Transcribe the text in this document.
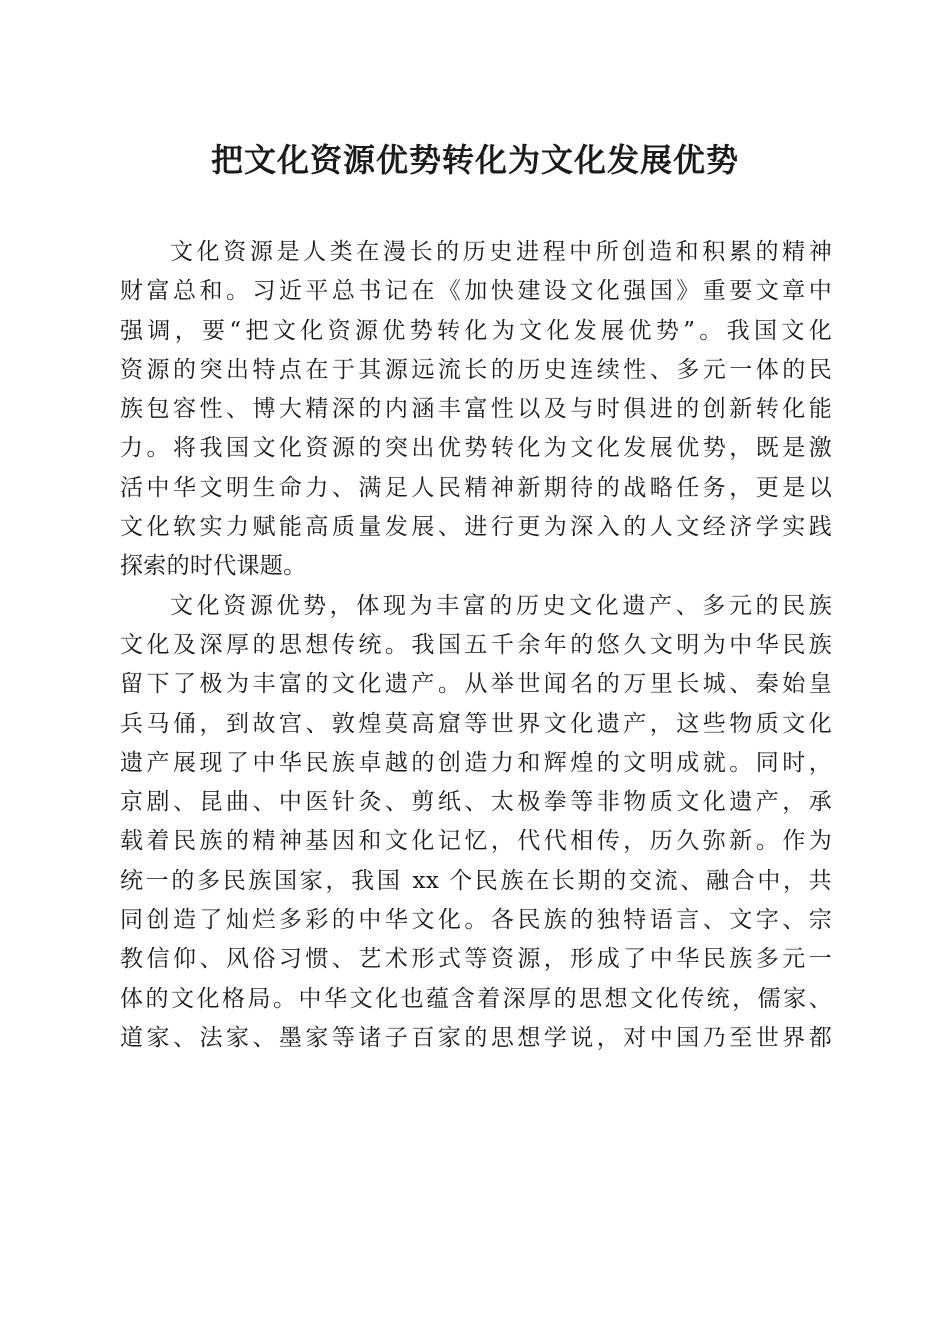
把文化资源优势转化为文化发展优势

文化资源是人类在漫长的历史进程中所创造和积累的精神
财富总和。习近平总书记在《加快建设文化强国》重要文章中
强调，要“把文化资源优势转化为文化发展优势”。我国文化
资源的突出特点在于其源远流长的历史连续性、多元一体的民
族包容性、博大精深的内涵丰富性以及与时俱进的创新转化能
力。将我国文化资源的突出优势转化为文化发展优势，既是激
活中华文明生命力、满足人民精神新期待的战略任务，更是以
文化软实力赋能高质量发展、进行更为深入的人文经济学实践
探索的时代课题。

文化资源优势，体现为丰富的历史文化遗产、多元的民族
文化及深厚的思想传统。我国五千余年的悠久文明为中华民族
留下了极为丰富的文化遗产。从举世闻名的万里长城、秦始皇
兵马俑，到故宫、敦煌莫高窟等世界文化遗产，这些物质文化
遗产展现了中华民族卓越的创造力和辉煌的文明成就。同时，
京剧、昆曲、中医针灸、剪纸、太极拳等非物质文化遗产，承
载着民族的精神基因和文化记忆，代代相传，历久弥新。作为
统一的多民族国家，我国 xx 个民族在长期的交流、融合中，共
同创造了灿烂多彩的中华文化。各民族的独特语言、文字、宗
教信仰、风俗习惯、艺术形式等资源，形成了中华民族多元一
体的文化格局。中华文化也蕴含着深厚的思想文化传统，儒家、
道家、法家、墨家等诸子百家的思想学说，对中国乃至世界都
